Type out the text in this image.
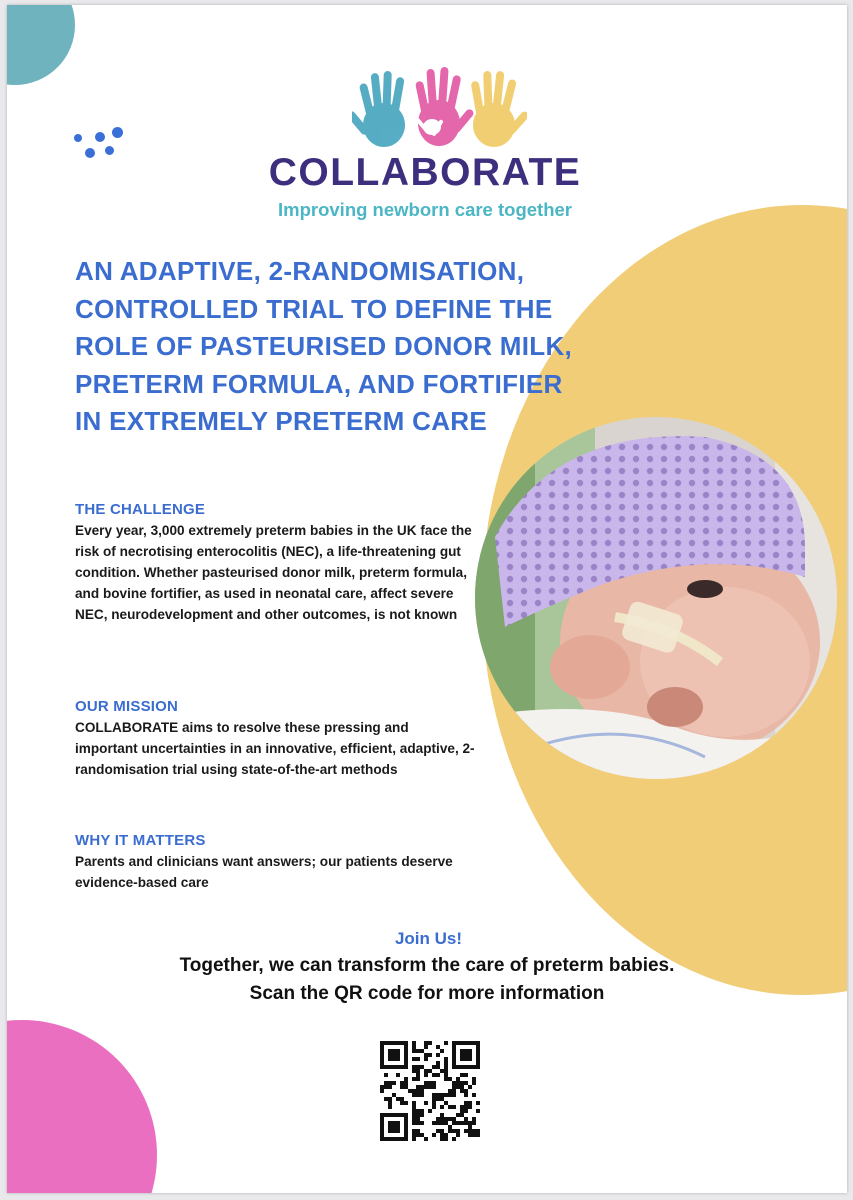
COLLABORATE
Improving newborn care together
AN ADAPTIVE, 2-RANDOMISATION, CONTROLLED TRIAL TO DEFINE THE ROLE OF PASTEURISED DONOR MILK, PRETERM FORMULA, AND FORTIFIER IN EXTREMELY PRETERM CARE
THE CHALLENGE

Every year, 3,000 extremely preterm babies in the UK face the risk of necrotising enterocolitis (NEC), a life-threatening gut condition. Whether pasteurised donor milk, preterm formula, and bovine fortifier, as used in neonatal care, affect severe NEC, neurodevelopment and other outcomes, is not known

OUR MISSION

COLLABORATE aims to resolve these pressing and important uncertainties in an innovative, efficient, adaptive, 2-randomisation trial using state-of-the-art methods

WHY IT MATTERS

Parents and clinicians want answers; our patients deserve evidence-based care

Join Us!
Together, we can transform the care of preterm babies.
Scan the QR code for more information
